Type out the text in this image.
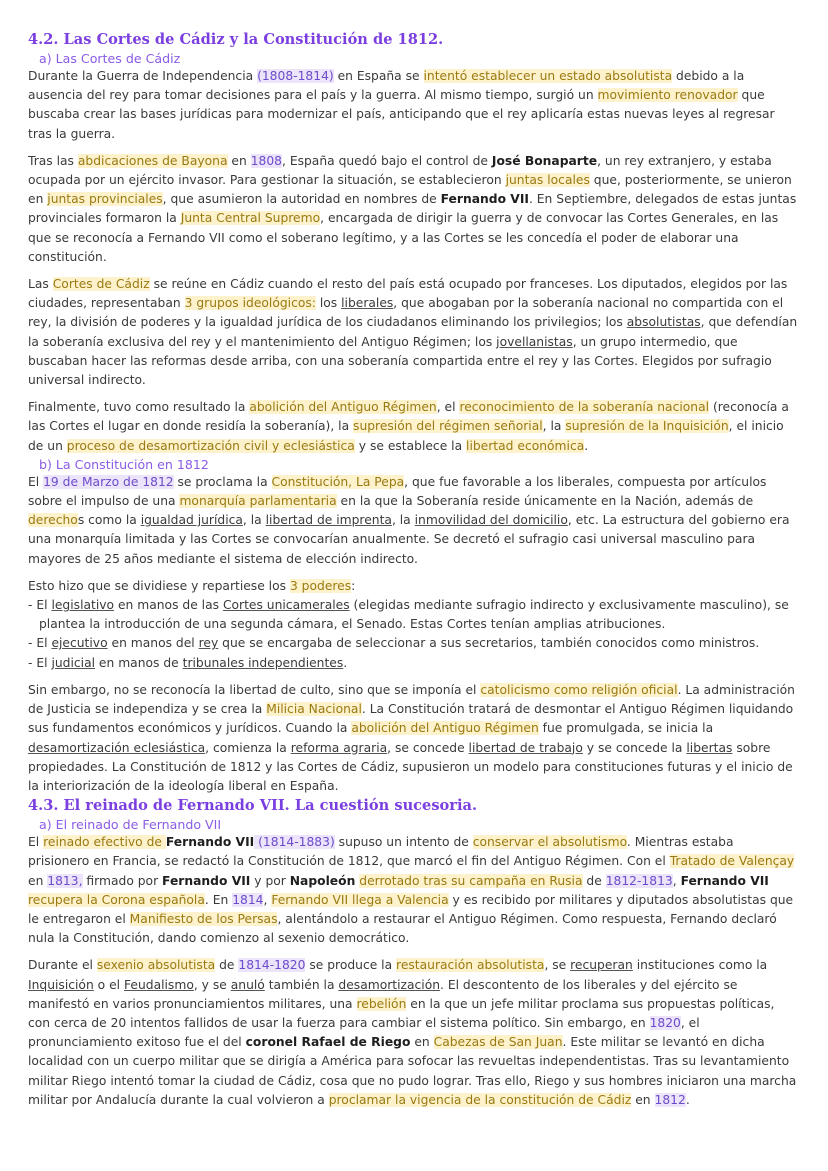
4.2. Las Cortes de Cádiz y la Constitución de 1812.
a) Las Cortes de Cádiz

Durante la Guerra de Independencia (1808-1814) en España se intentó establecer un estado absolutista debido a la ausencia del rey para tomar decisiones para el país y la guerra. Al mismo tiempo, surgió un movimiento renovador que buscaba crear las bases jurídicas para modernizar el país, anticipando que el rey aplicaría estas nuevas leyes al regresar tras la guerra.

Tras las abdicaciones de Bayona en 1808, España quedó bajo el control de José Bonaparte, un rey extranjero, y estaba ocupada por un ejército invasor. Para gestionar la situación, se establecieron juntas locales que, posteriormente, se unieron en juntas provinciales, que asumieron la autoridad en nombres de Fernando VII. En Septiembre, delegados de estas juntas provinciales formaron la Junta Central Supremo, encargada de dirigir la guerra y de convocar las Cortes Generales, en las que se reconocía a Fernando VII como el soberano legítimo, y a las Cortes se les concedía el poder de elaborar una constitución.

Las Cortes de Cádiz se reúne en Cádiz cuando el resto del país está ocupado por franceses. Los diputados, elegidos por las ciudades, representaban 3 grupos ideológicos: los liberales, que abogaban por la soberanía nacional no compartida con el rey, la división de poderes y la igualdad jurídica de los ciudadanos eliminando los privilegios; los absolutistas, que defendían la soberanía exclusiva del rey y el mantenimiento del Antiguo Régimen; los jovellanistas, un grupo intermedio, que buscaban hacer las reformas desde arriba, con una soberanía compartida entre el rey y las Cortes. Elegidos por sufragio universal indirecto.

Finalmente, tuvo como resultado la abolición del Antiguo Régimen, el reconocimiento de la soberanía nacional (reconocía a las Cortes el lugar en donde residía la soberanía), la supresión del régimen señorial, la supresión de la Inquisición, el inicio de un proceso de desamortización civil y eclesiástica y se establece la libertad económica.

b) La Constitución en 1812

El 19 de Marzo de 1812 se proclama la Constitución, La Pepa, que fue favorable a los liberales, compuesta por artículos sobre el impulso de una monarquía parlamentaria en la que la Soberanía reside únicamente en la Nación, además de derechos como la igualdad jurídica, la libertad de imprenta, la inmovilidad del domicilio, etc. La estructura del gobierno era una monarquía limitada y las Cortes se convocarían anualmente. Se decretó el sufragio casi universal masculino para mayores de 25 años mediante el sistema de elección indirecto.

Esto hizo que se dividiese y repartiese los 3 poderes:

- El legislativo en manos de las Cortes unicamerales (elegidas mediante sufragio indirecto y exclusivamente masculino), se plantea la introducción de una segunda cámara, el Senado. Estas Cortes tenían amplias atribuciones.
- El ejecutivo en manos del rey que se encargaba de seleccionar a sus secretarios, también conocidos como ministros.
- El judicial en manos de tribunales independientes.

Sin embargo, no se reconocía la libertad de culto, sino que se imponía el catolicismo como religión oficial. La administración de Justicia se independiza y se crea la Milicia Nacional. La Constitución tratará de desmontar el Antiguo Régimen liquidando sus fundamentos económicos y jurídicos. Cuando la abolición del Antiguo Régimen fue promulgada, se inicia la desamortización eclesiástica, comienza la reforma agraria, se concede libertad de trabajo y se concede la libertas sobre propiedades. La Constitución de 1812 y las Cortes de Cádiz, supusieron un modelo para constituciones futuras y el inicio de la interiorización de la ideología liberal en España.

4.3. El reinado de Fernando VII. La cuestión sucesoria.
a) El reinado de Fernando VII

El reinado efectivo de Fernando VII (1814-1883) supuso un intento de conservar el absolutismo. Mientras estaba prisionero en Francia, se redactó la Constitución de 1812, que marcó el fin del Antiguo Régimen. Con el Tratado de Valençay en 1813, firmado por Fernando VII y por Napoleón derrotado tras su campaña en Rusia de 1812-1813, Fernando VII recupera la Corona española. En 1814, Fernando VII llega a Valencia y es recibido por militares y diputados absolutistas que le entregaron el Manifiesto de los Persas, alentándolo a restaurar el Antiguo Régimen. Como respuesta, Fernando declaró nula la Constitución, dando comienzo al sexenio democrático.

Durante el sexenio absolutista de 1814-1820 se produce la restauración absolutista, se recuperan instituciones como la Inquisición o el Feudalismo, y se anuló también la desamortización. El descontento de los liberales y del ejército se manifestó en varios pronunciamientos militares, una rebelión en la que un jefe militar proclama sus propuestas políticas, con cerca de 20 intentos fallidos de usar la fuerza para cambiar el sistema político. Sin embargo, en 1820, el pronunciamiento exitoso fue el del coronel Rafael de Riego en Cabezas de San Juan. Este militar se levantó en dicha localidad con un cuerpo militar que se dirigía a América para sofocar las revueltas independentistas. Tras su levantamiento militar Riego intentó tomar la ciudad de Cádiz, cosa que no pudo lograr. Tras ello, Riego y sus hombres iniciaron una marcha militar por Andalucía durante la cual volvieron a proclamar la vigencia de la constitución de Cádiz en 1812.
